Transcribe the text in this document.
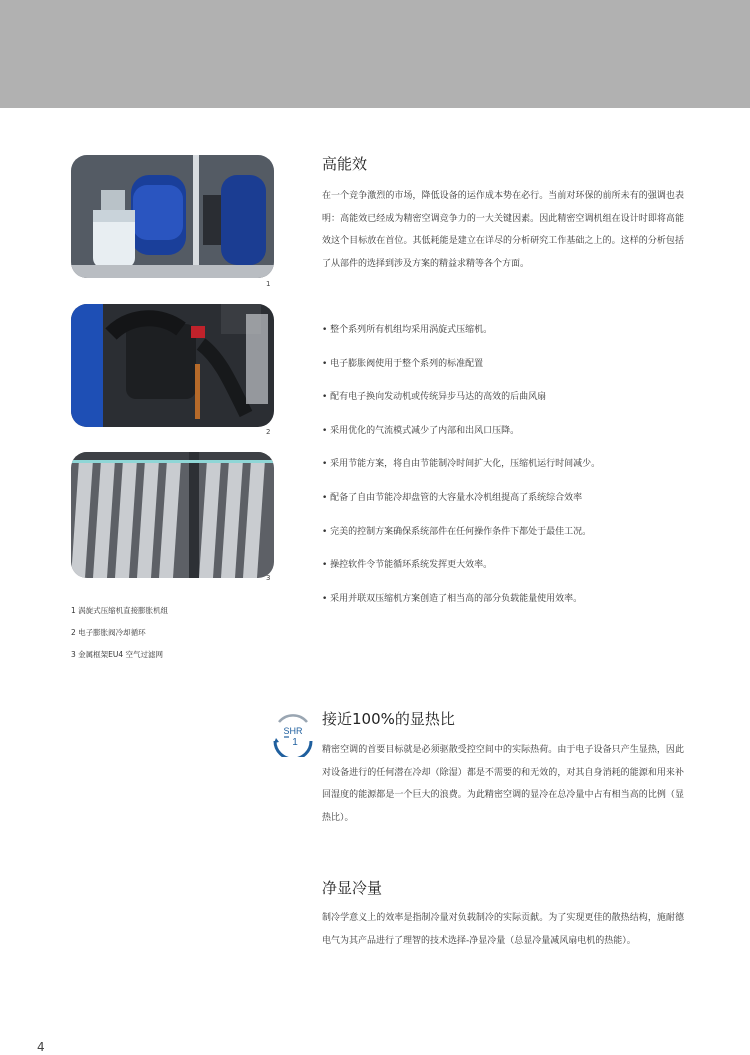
1
2
3
1 涡旋式压缩机直接膨胀机组
2 电子膨胀阀冷却循环
3 金属框架EU4 空气过滤网
高能效

在一个竞争激烈的市场，降低设备的运作成本势在必行。当前对环保的前所未有的强调也表明：高能效已经成为精密空调竞争力的一大关键因素。因此精密空调机组在设计时即将高能效这个目标放在首位。其低耗能是建立在详尽的分析研究工作基础之上的。这样的分析包括了从部件的选择到涉及方案的精益求精等各个方面。

• 整个系列所有机组均采用涡旋式压缩机。
• 电子膨胀阀使用于整个系列的标准配置
• 配有电子换向发动机或传统异步马达的高效的后曲风扇
• 采用优化的气流模式减少了内部和出风口压降。
• 采用节能方案，将自由节能制冷时间扩大化，压缩机运行时间减少。
• 配备了自由节能冷却盘管的大容量水冷机组提高了系统综合效率
• 完美的控制方案确保系统部件在任何操作条件下都处于最佳工况。
• 操控软件令节能循环系统发挥更大效率。
• 采用并联双压缩机方案创造了相当高的部分负载能量使用效率。
SHR
1
接近100%的显热比

精密空调的首要目标就是必须驱散受控空间中的实际热荷。由于电子设备只产生显热，因此对设备进行的任何潜在冷却（除湿）都是不需要的和无效的，对其自身消耗的能源和用来补回湿度的能源都是一个巨大的浪费。为此精密空调的显冷在总冷量中占有相当高的比例（显热比）。

净显冷量

制冷学意义上的效率是指制冷量对负载制冷的实际贡献。为了实现更佳的散热结构，施耐德电气为其产品进行了理智的技术选择-净显冷量（总显冷量减风扇电机的热能）。

4
